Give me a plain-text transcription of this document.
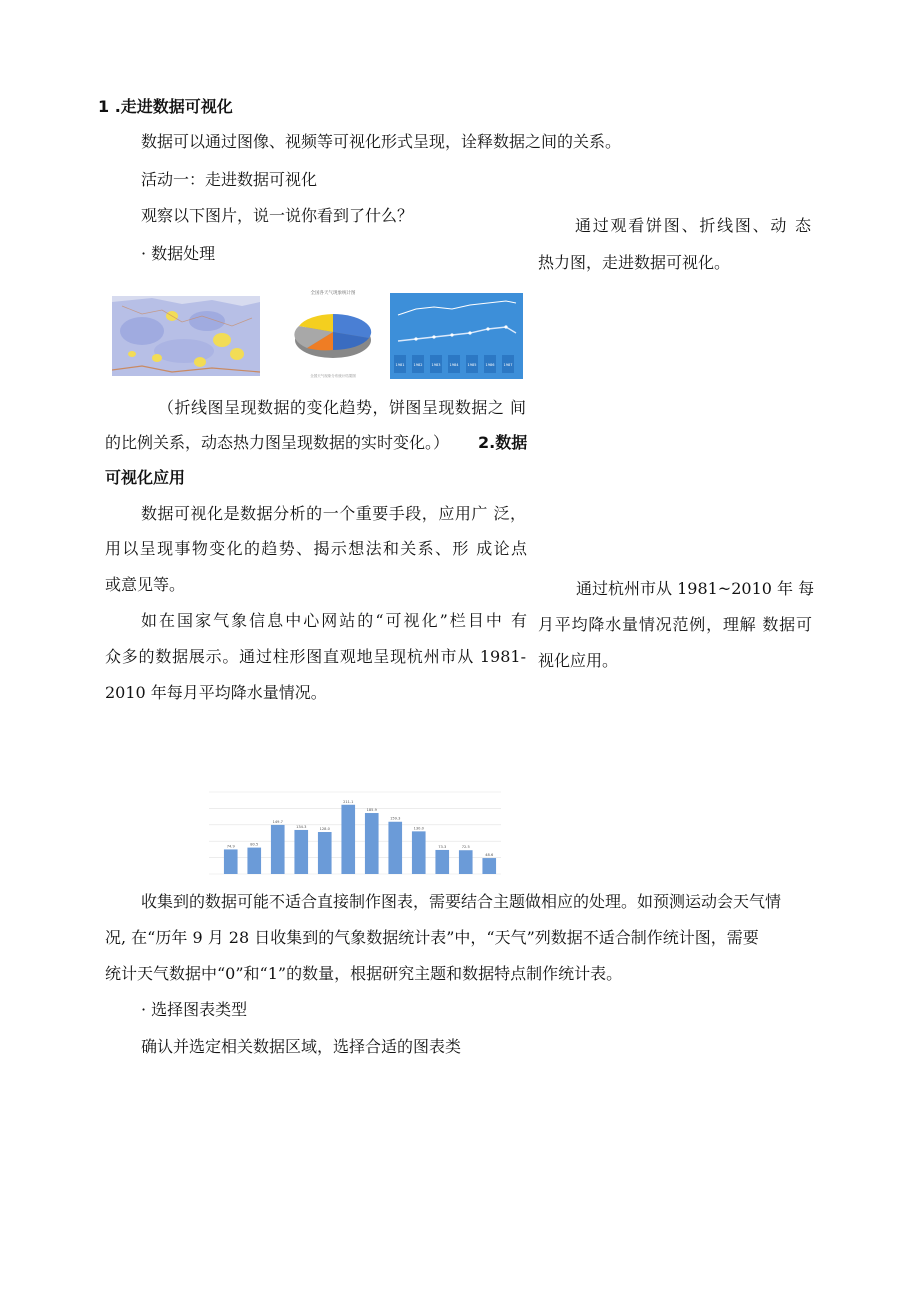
1 .走进数据可视化
数据可以通过图像、视频等可视化形式呈现，诠释数据之间的关系。
活动一：走进数据可视化
观察以下图片，说一说你看到了什么？
· 数据处理
通过观看饼图、折线图、动 态
热力图，走进数据可视化。
全国各天气现象统计图
全国天气现象分布统计结果图
1981	1982	1983	1984	1985	1986	1987
（折线图呈现数据的变化趋势，饼图呈现数据之 间
的比例关系，动态热力图呈现数据的实时变化。） 2.数据
可视化应用
数据可视化是数据分析的一个重要手段，应用广 泛，
用以呈现事物变化的趋势、揭示想法和关系、形 成论点
或意见等。	通过杭州市从 1981~2010 年 每
月平均降水量情况范例，理解 数据可
视化应用。
如在国家气象信息中心网站的“可视化”栏目中 有
众多的数据展示。通过柱形图直观地呈现杭州市从 1981-
2010 年每月平均降水量情况。
74.9	80.5
149.7
134.3
128.0
211.1
185.9
159.3
130.0
73.3	72.5
48.6
收集到的数据可能不适合直接制作图表，需要结合主题做相应的处理。如预测运动会天气情
况, 在“历年 9 月 28 日收集到的气象数据统计表”中，“天气”列数据不适合制作统计图，需要
统计天气数据中“0”和“1”的数量，根据研究主题和数据特点制作统计表。
· 选择图表类型
确认并选定相关数据区域，选择合适的图表类
